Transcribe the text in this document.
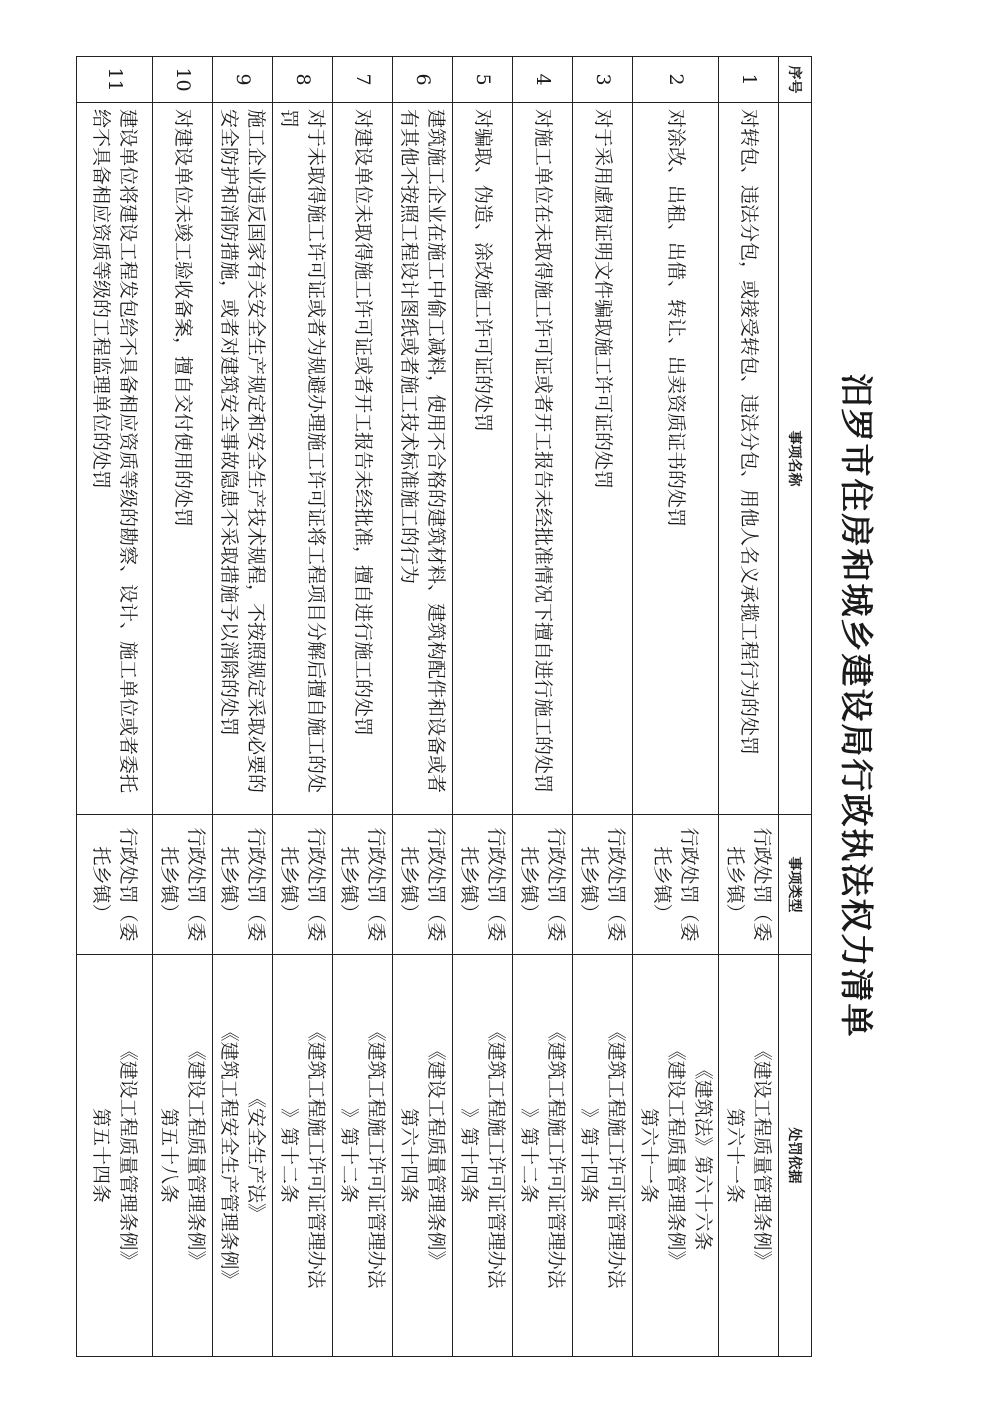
汨罗市住房和城乡建设局行政执法权力清单
序号	事项名称	事项类型	处罚依据
1	对转包、违法分包，或接受转包、违法分包、用他人名义承揽工程行为的处罚	行政处罚（委托乡镇）	《建设工程质量管理条例》
第六十一条

2	对涂改、出租、出借、转让、出卖资质证书的处罚	行政处罚（委托乡镇）	《建筑法》第六十六条
《建设工程质量管理条例》
第六十一条

3	对于采用虚假证明文件骗取施工许可证的处罚	行政处罚（委托乡镇）	《建筑工程施工许可证管理办法
》第十四条

4	对施工单位在未取得施工许可证或者开工报告未经批准情况下擅自进行施工的处罚	行政处罚（委托乡镇）	《建筑工程施工许可证管理办法
》第十二条

5	对骗取、伪造、涂改施工许可证的处罚	行政处罚（委托乡镇）	《建筑工程施工许可证管理办法
》第十四条

6	建筑施工企业在施工中偷工减料，使用不合格的建筑材料、建筑构配件和设备或者有其他不按照工程设计图纸或者施工技术标准施工的行为	行政处罚（委托乡镇）	《建设工程质量管理条例》
第六十四条

7	对建设单位未取得施工许可证或者开工报告未经批准，擅自进行施工的处罚	行政处罚（委托乡镇）	《建筑工程施工许可证管理办法
》第十二条

8	对于未取得施工许可证或者为规避办理施工许可证将工程项目分解后擅自施工的处罚	行政处罚（委托乡镇）	《建筑工程施工许可证管理办法
》第十二条

9	施工企业违反国家有关安全生产规定和安全生产技术规程，不按照规定采取必要的安全防护和消防措施，或者对建筑安全事故隐患不采取措施予以消除的处罚	行政处罚（委托乡镇）	《安全生产法》
《建筑工程安全生产管理条例》

10	对建设单位未竣工验收备案，擅自交付使用的处罚	行政处罚（委托乡镇）	《建设工程质量管理条例》
第五十八条

11	建设单位将建设工程发包给不具备相应资质等级的勘察、设计、施工单位或者委托给不具备相应资质等级的工程监理单位的处罚	行政处罚（委托乡镇）	《建设工程质量管理条例》
第五十四条
